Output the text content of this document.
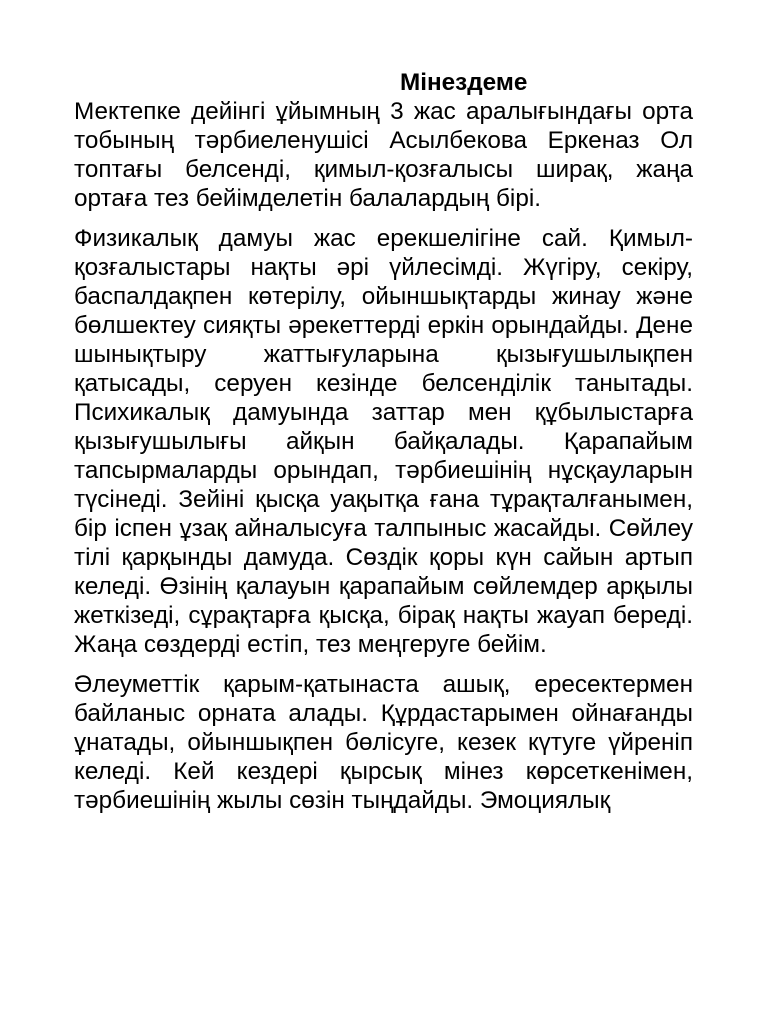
Мінездеме

Мектепке дейінгі ұйымның 3 жас аралығындағы орта тобының тәрбиеленушісі Асылбекова Еркеназ Ол топтағы белсенді, қимыл-қозғалысы ширақ, жаңа ортаға тез бейімделетін балалардың бірі.

Физикалық дамуы жас ерекшелігіне сай. Қимыл-қозғалыстары нақты әрі үйлесімді. Жүгіру, секіру, баспалдақпен көтерілу, ойыншықтарды жинау және бөлшектеу сияқты әрекеттерді еркін орындайды. Дене шынықтыру жаттығуларына қызығушылықпен қатысады, серуен кезінде белсенділік танытады. Психикалық дамуында заттар мен құбылыстарға қызығушылығы айқын байқалады. Қарапайым тапсырмаларды орындап, тәрбиешінің нұсқауларын түсінеді. Зейіні қысқа уақытқа ғана тұрақталғанымен, бір іспен ұзақ айналысуға талпыныс жасайды. Сөйлеу тілі қарқынды дамуда. Сөздік қоры күн сайын артып келеді. Өзінің қалауын қарапайым сөйлемдер арқылы жеткізеді, сұрақтарға қысқа, бірақ нақты жауап береді. Жаңа сөздерді естіп, тез меңгеруге бейім.

Әлеуметтік қарым-қатынаста ашық, ересектермен байланыс орната алады. Құрдастарымен ойнағанды ұнатады, ойыншықпен бөлісуге, кезек күтуге үйреніп келеді. Кей кездері қырсық мінез көрсеткенімен, тәрбиешінің жылы сөзін тыңдайды. Эмоциялық
